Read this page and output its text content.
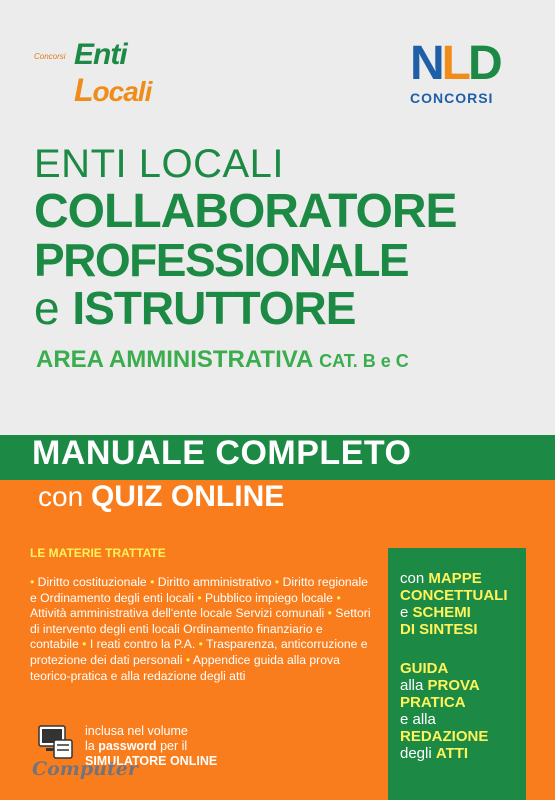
Concorsi Enti
Locali
NLD
CONCORSI
ENTI LOCALI
COLLABORATORE
PROFESSIONALE
e ISTRUTTORE
AREA AMMINISTRATIVA CAT. B e C
MANUALE COMPLETO
con QUIZ ONLINE
LE MATERIE TRATTATE
• Diritto costituzionale • Diritto amministrativo • Diritto regionale e Ordinamento degli enti locali • Pubblico impiego locale • Attività amministrativa dell'ente locale Servizi comunali • Settori di intervento degli enti locali Ordinamento finanziario e contabile • I reati contro la P.A. • Trasparenza, anticorruzione e protezione dei dati personali • Appendice guida alla prova teorico-pratica e alla redazione degli atti
con MAPPE
CONCETTUALI
e SCHEMI
DI SINTESI
GUIDA
alla PROVA
PRATICA
e alla
REDAZIONE
degli ATTI
inclusa nel volume
la password per il
SIMULATORE ONLINE
Computer
